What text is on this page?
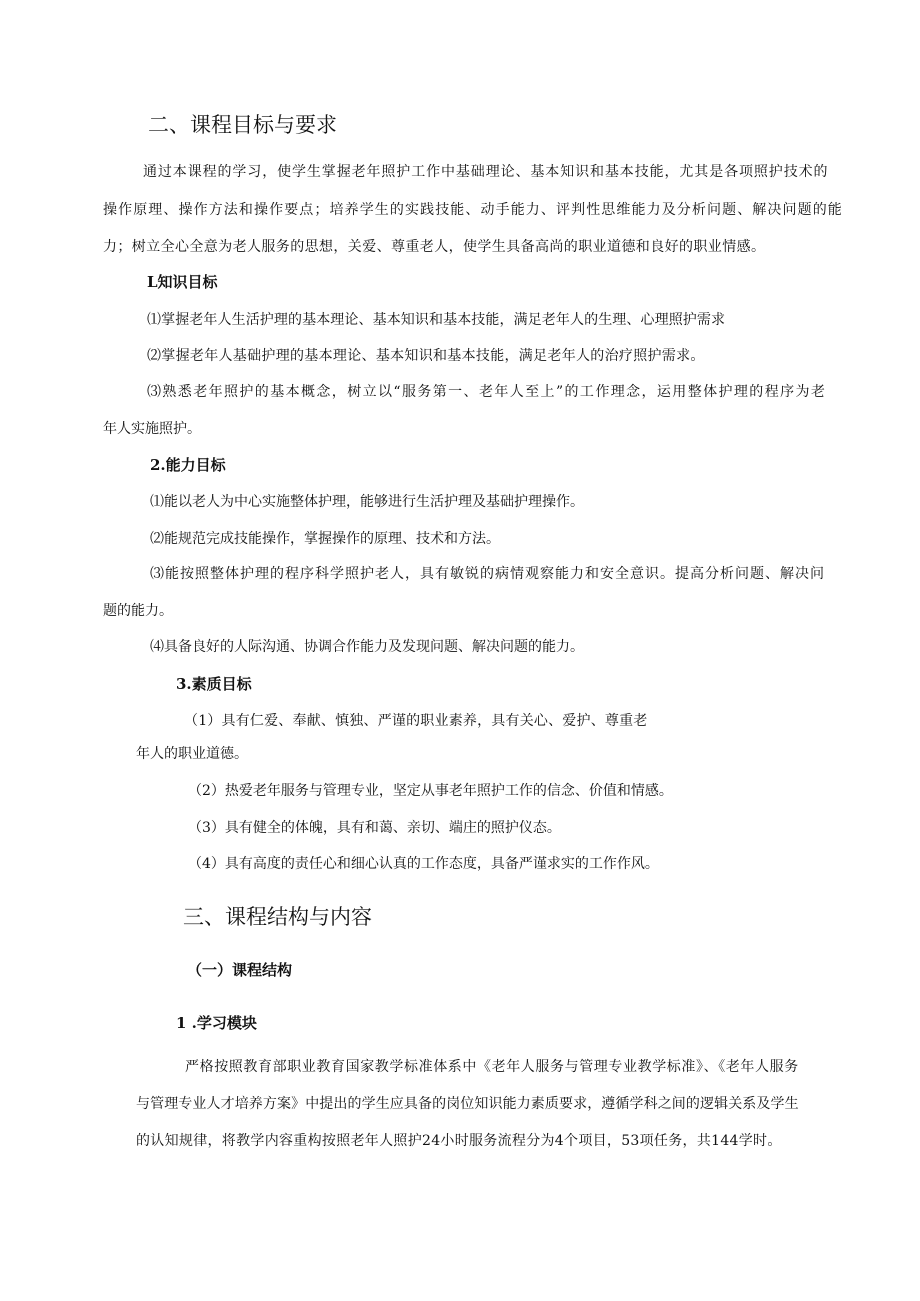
二、课程目标与要求
通过本课程的学习，使学生掌握老年照护工作中基础理论、基本知识和基本技能，尤其是各项照护技术的
操作原理、操作方法和操作要点；培养学生的实践技能、动手能力、评判性思维能力及分析问题、解决问题的能
力；树立全心全意为老人服务的思想，关爱、尊重老人，使学生具备高尚的职业道德和良好的职业情感。
L知识目标
⑴掌握老年人生活护理的基本理论、基本知识和基本技能，满足老年人的生理、心理照护需求
⑵掌握老年人基础护理的基本理论、基本知识和基本技能，满足老年人的治疗照护需求。
⑶熟悉老年照护的基本概念，树立以“服务第一、老年人至上”的工作理念，运用整体护理的程序为老
年人实施照护。
2.能力目标
⑴能以老人为中心实施整体护理，能够进行生活护理及基础护理操作。
⑵能规范完成技能操作，掌握操作的原理、技术和方法。
⑶能按照整体护理的程序科学照护老人，具有敏锐的病情观察能力和安全意识。提高分析问题、解决问
题的能力。
⑷具备良好的人际沟通、协调合作能力及发现问题、解决问题的能力。
3.素质目标
（1）具有仁爱、奉献、慎独、严谨的职业素养，具有关心、爱护、尊重老
年人的职业道德。
（2）热爱老年服务与管理专业，坚定从事老年照护工作的信念、价值和情感。
（3）具有健全的体魄，具有和蔼、亲切、端庄的照护仪态。
（4）具有高度的责任心和细心认真的工作态度，具备严谨求实的工作作风。
三、课程结构与内容
（一）课程结构
1 .学习模块
严格按照教育部职业教育国家教学标准体系中《老年人服务与管理专业教学标准》、《老年人服务
与管理专业人才培养方案》中提出的学生应具备的岗位知识能力素质要求，遵循学科之间的逻辑关系及学生
的认知规律，将教学内容重构按照老年人照护24小时服务流程分为4个项目，53项任务，共144学时。
